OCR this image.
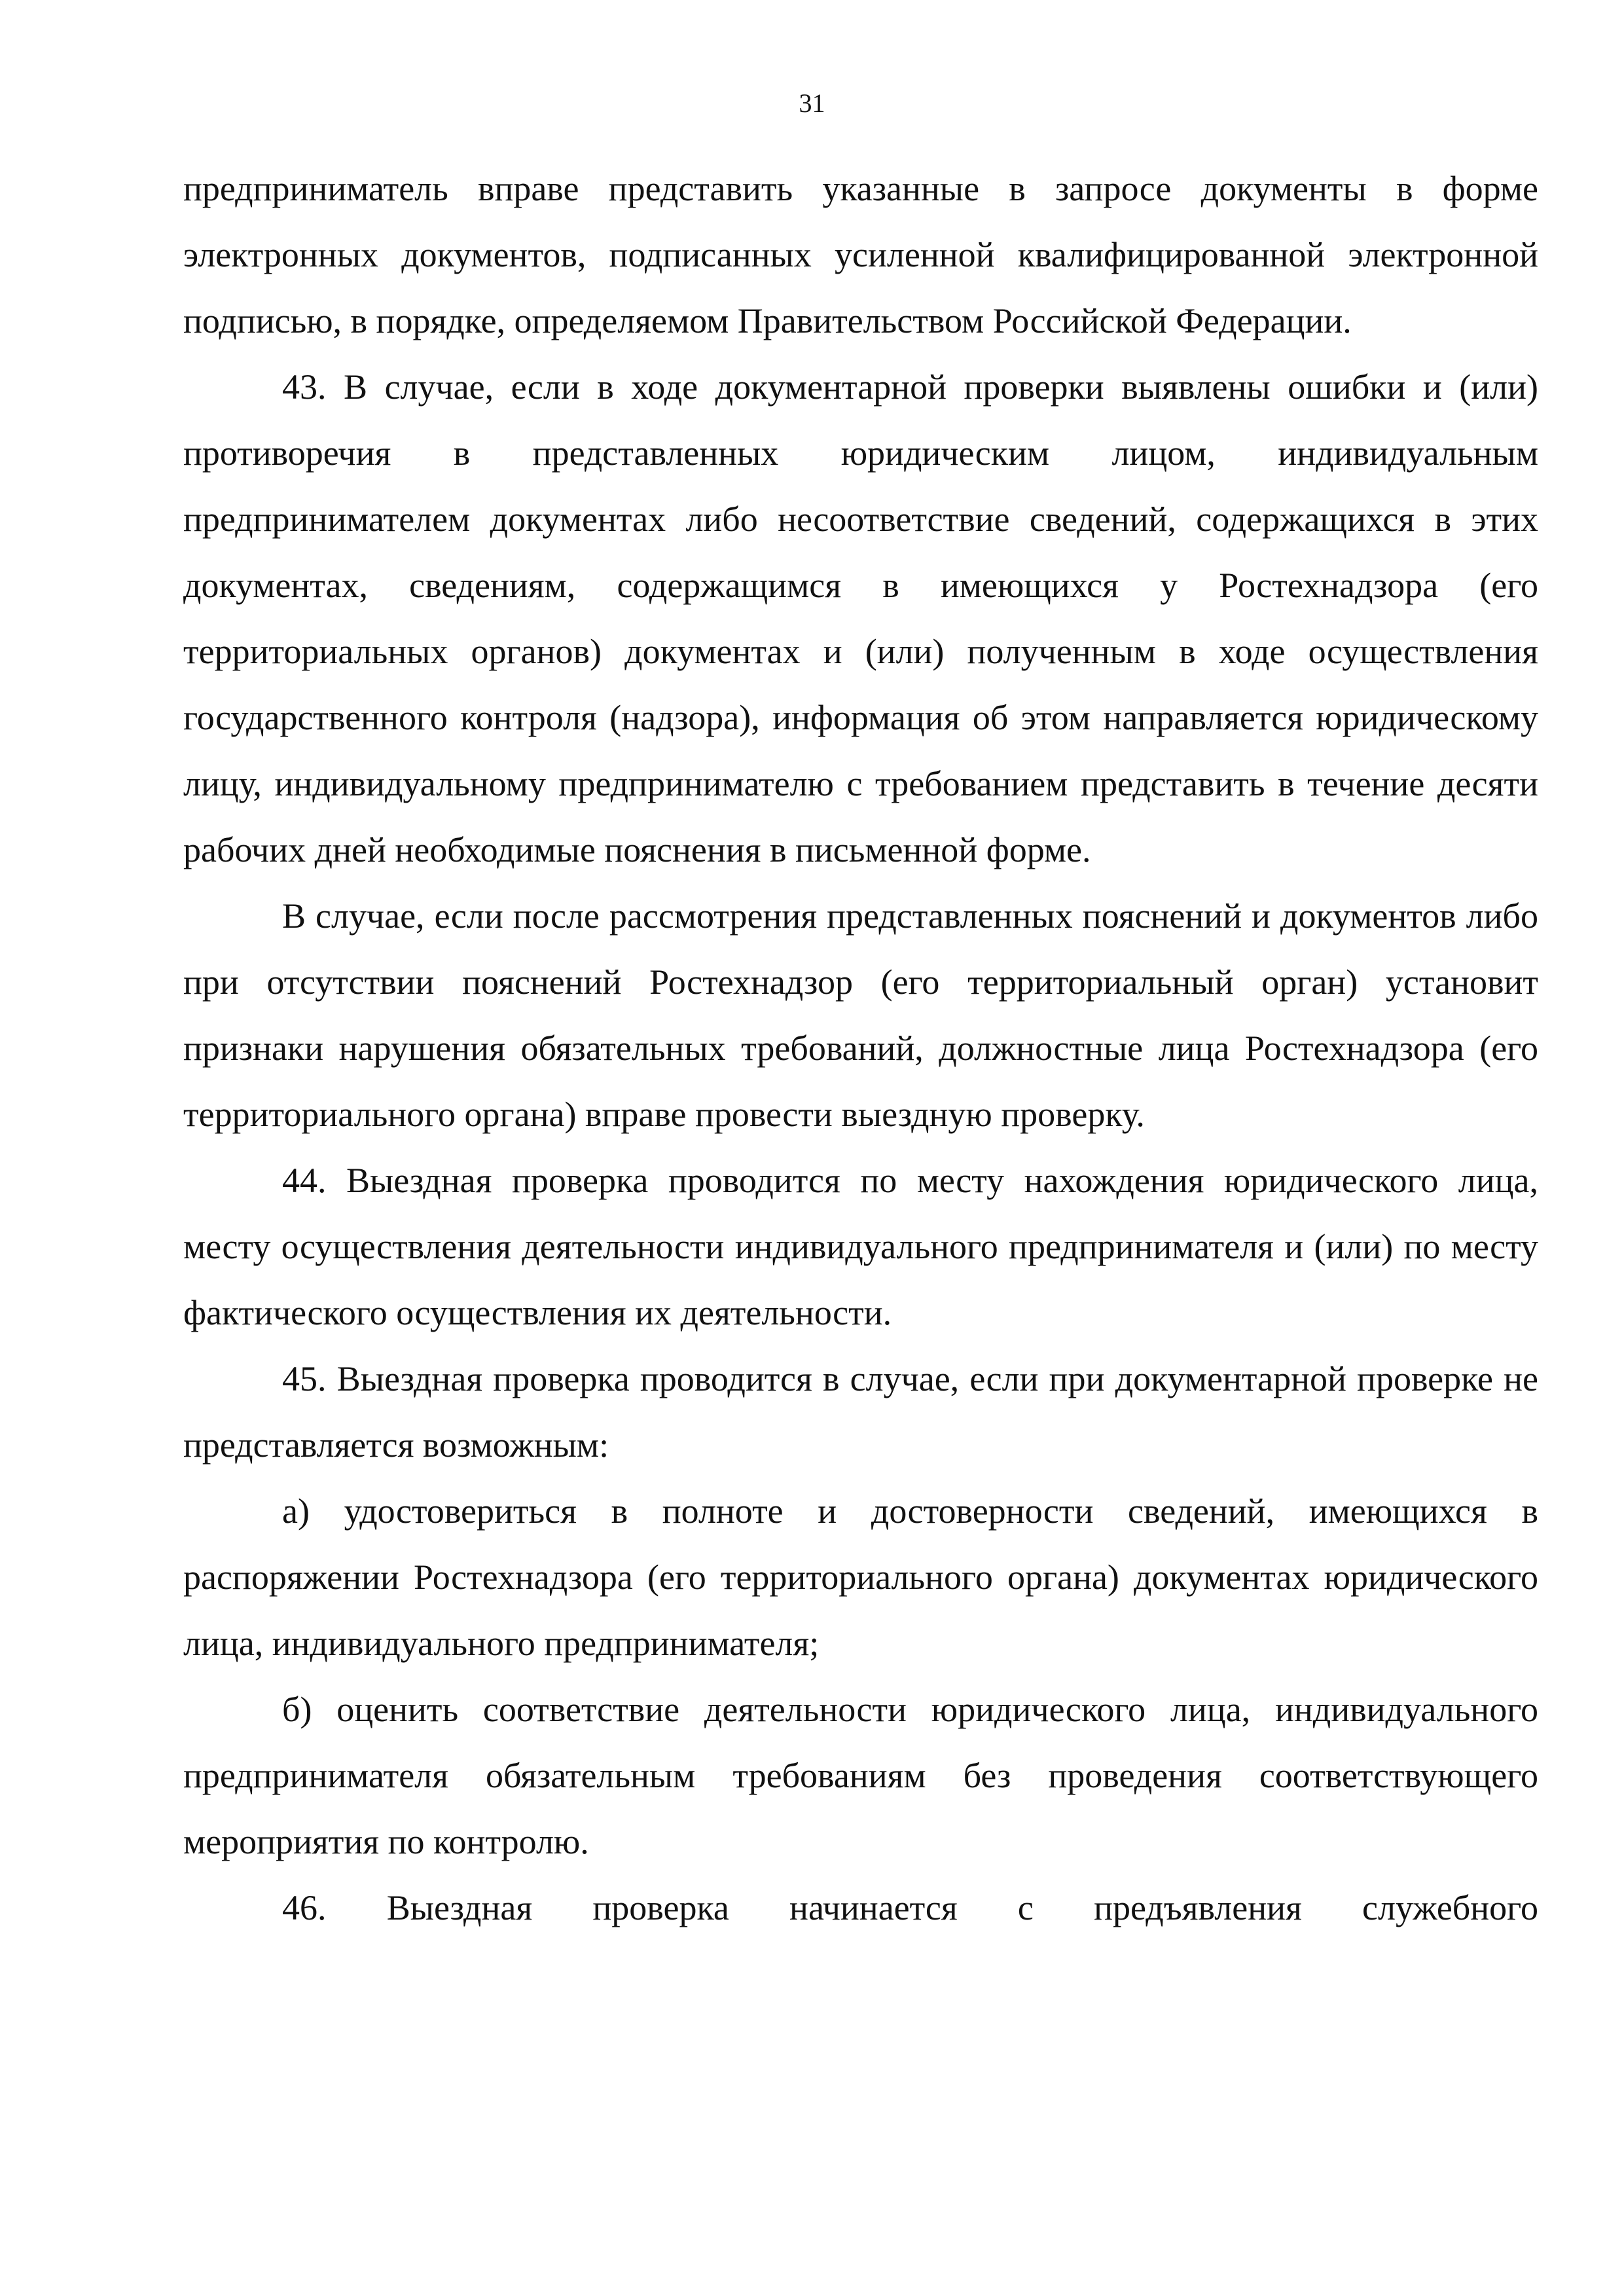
31

предприниматель вправе представить указанные в запросе документы в форме электронных документов, подписанных усиленной квалифицированной электронной подписью, в порядке, определяемом Правительством Российской Федерации.

43. В случае, если в ходе документарной проверки выявлены ошибки и (или) противоречия в представленных юридическим лицом, индивидуальным предпринимателем документах либо несоответствие сведений, содержащихся в этих документах, сведениям, содержащимся в имеющихся у Ростехнадзора (его территориальных органов) документах и (или) полученным в ходе осуществления государственного контроля (надзора), информация об этом направляется юридическому лицу, индивидуальному предпринимателю с требованием представить в течение десяти рабочих дней необходимые пояснения в письменной форме.

В случае, если после рассмотрения представленных пояснений и документов либо при отсутствии пояснений Ростехнадзор (его территориальный орган) установит признаки нарушения обязательных требований, должностные лица Ростехнадзора (его территориального органа) вправе провести выездную проверку.

44. Выездная проверка проводится по месту нахождения юридического лица, месту осуществления деятельности индивидуального предпринимателя и (или) по месту фактического осуществления их деятельности.

45. Выездная проверка проводится в случае, если при документарной проверке не представляется возможным:

а) удостовериться в полноте и достоверности сведений, имеющихся в распоряжении Ростехнадзора (его территориального органа) документах юридического лица, индивидуального предпринимателя;

б) оценить соответствие деятельности юридического лица, индивидуального предпринимателя обязательным требованиям без проведения соответствующего мероприятия по контролю.

46. Выездная проверка начинается с предъявления служебного
